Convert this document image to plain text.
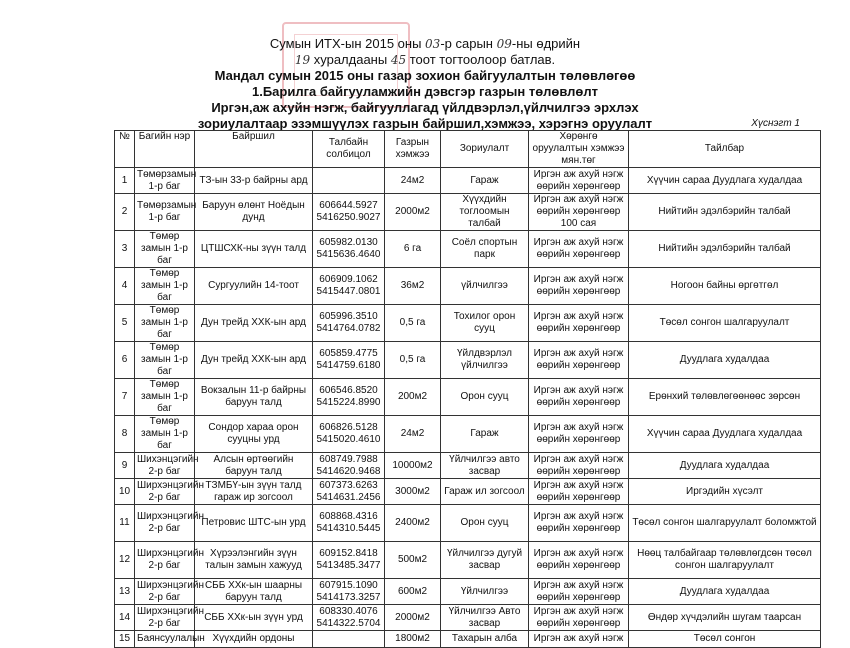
Сумын ИТХ-ын 2015 оны 03-р сарын 09-ны өдрийн
19 хуралдааны 45 тоот тогтоолоор батлав.
Мандал сумын 2015 оны газар зохион байгуулалтын төлөвлөгөө
1.Барилга байгууламжийн дэвсгэр газрын төлөвлөлт
Иргэн,аж ахуйн нэгж, байгууллагад үйлдвэрлэл,үйлчилгээ эрхлэх
зориулалтаар эзэмшүүлэх газрын байршил,хэмжээ, хэрэгнэ оруулалт	Хүснэгт 1
№	Багийн нэр	Байршил	Талбайн солбицол	Газрын хэмжээ	Зориулалт	Хөрөнгө оруулалтын хэмжээ мян.төг	Тайлбар
1	Төмөрзамын 1-р баг	ТЗ-ын 33-р байрны ард		24м2	Гараж	Иргэн аж ахуй нэгж өөрийн хөрөнгөөр	Хүүчин сараа Дуудлага худалдаа
2	Төмөрзамын 1-р баг	Баруун өлөнт Ноёдын дунд	606644.5927 5416250.9027	2000м2	Хүүхдийн тоглоомын талбай	Иргэн аж ахуй нэгж өөрийн хөрөнгөөр 100 сая	Нийтийн эдэлбэрийн талбай
3	Төмөр замын 1-р баг	ЦТШСХК-ны зүүн талд	605982.0130 5415636.4640	6 га	Соёл спортын парк	Иргэн аж ахуй нэгж өөрийн хөрөнгөөр	Нийтийн эдэлбэрийн талбай
4	Төмөр замын 1-р баг	Сургуулийн 14-тоот	606909.1062 5415447.0801	36м2	үйлчилгээ	Иргэн аж ахуй нэгж өөрийн хөрөнгөөр	Ногоон байны өргөтгөл
5	Төмөр замын 1-р баг	Дун трейд ХХК-ын ард	605996.3510 5414764.0782	0,5 га	Тохилог орон сууц	Иргэн аж ахуй нэгж өөрийн хөрөнгөөр	Төсөл сонгон шалгаруулалт
6	Төмөр замын 1-р баг	Дун трейд ХХК-ын ард	605859.4775 5414759.6180	0,5 га	Үйлдвэрлэл үйлчилгээ	Иргэн аж ахуй нэгж өөрийн хөрөнгөөр	Дуудлага худалдаа
7	Төмөр замын 1-р баг	Вокзалын 11-р байрны баруун талд	606546.8520 5415224.8990	200м2	Орон сууц	Иргэн аж ахуй нэгж өөрийн хөрөнгөөр	Ерөнхий төлөвлөгөөнөөс зөрсөн
8	Төмөр замын 1-р баг	Сондор хараа орон сууцны урд	606826.5128 5415020.4610	24м2	Гараж	Иргэн аж ахуй нэгж өөрийн хөрөнгөөр	Хүүчин сараа Дуудлага худалдаа
9	Шихэнцэгийн 2-р баг	Алсын өртөөгийн баруун талд	608749.7988 5414620.9468	10000м2	Үйлчилгээ авто засвар	Иргэн аж ахуй нэгж өөрийн хөрөнгөөр	Дуудлага худалдаа
10	Ширхэнцэгийн 2-р баг	ТЗМБҮ-ын зүүн талд гараж ир зогсоол	607373.6263 5414631.2456	3000м2	Гараж ил зогсоол	Иргэн аж ахуй нэгж өөрийн хөрөнгөөр	Иргэдийн хүсэлт
11	Ширхэнцэгийн 2-р баг	Петровис ШТС-ын урд	608868.4316 5414310.5445	2400м2	Орон сууц	Иргэн аж ахуй нэгж өөрийн хөрөнгөөр	Төсөл сонгон шалгаруулалт боломжтой
12	Ширхэнцэгийн 2-р баг	Хүрээлэнгийн зүүн талын замын хажууд	609152.8418 5413485.3477	500м2	Үйлчилгээ дугуй засвар	Иргэн аж ахуй нэгж өөрийн хөрөнгөөр	Нөөц талбайгаар төлөвлөгдсөн төсөл сонгон шалгаруулалт
13	Ширхэнцэгийн 2-р баг	СББ ХХк-ын шаарны баруун талд	607915.1090 5414173.3257	600м2	Үйлчилгээ	Иргэн аж ахуй нэгж өөрийн хөрөнгөөр	Дуудлага худалдаа
14	Ширхэнцэгийн 2-р баг	СББ ХХк-ын зүүн урд	608330.4076 5414322.5704	2000м2	Үйлчилгээ Авто засвар	Иргэн аж ахуй нэгж өөрийн хөрөнгөөр	Өндөр хүчдэлийн шугам таарсан
15	Баянсуулалын	Хүүхдийн ордоны		1800м2	Тахарын алба	Иргэн аж ахуй нэгж	Төсөл сонгон
